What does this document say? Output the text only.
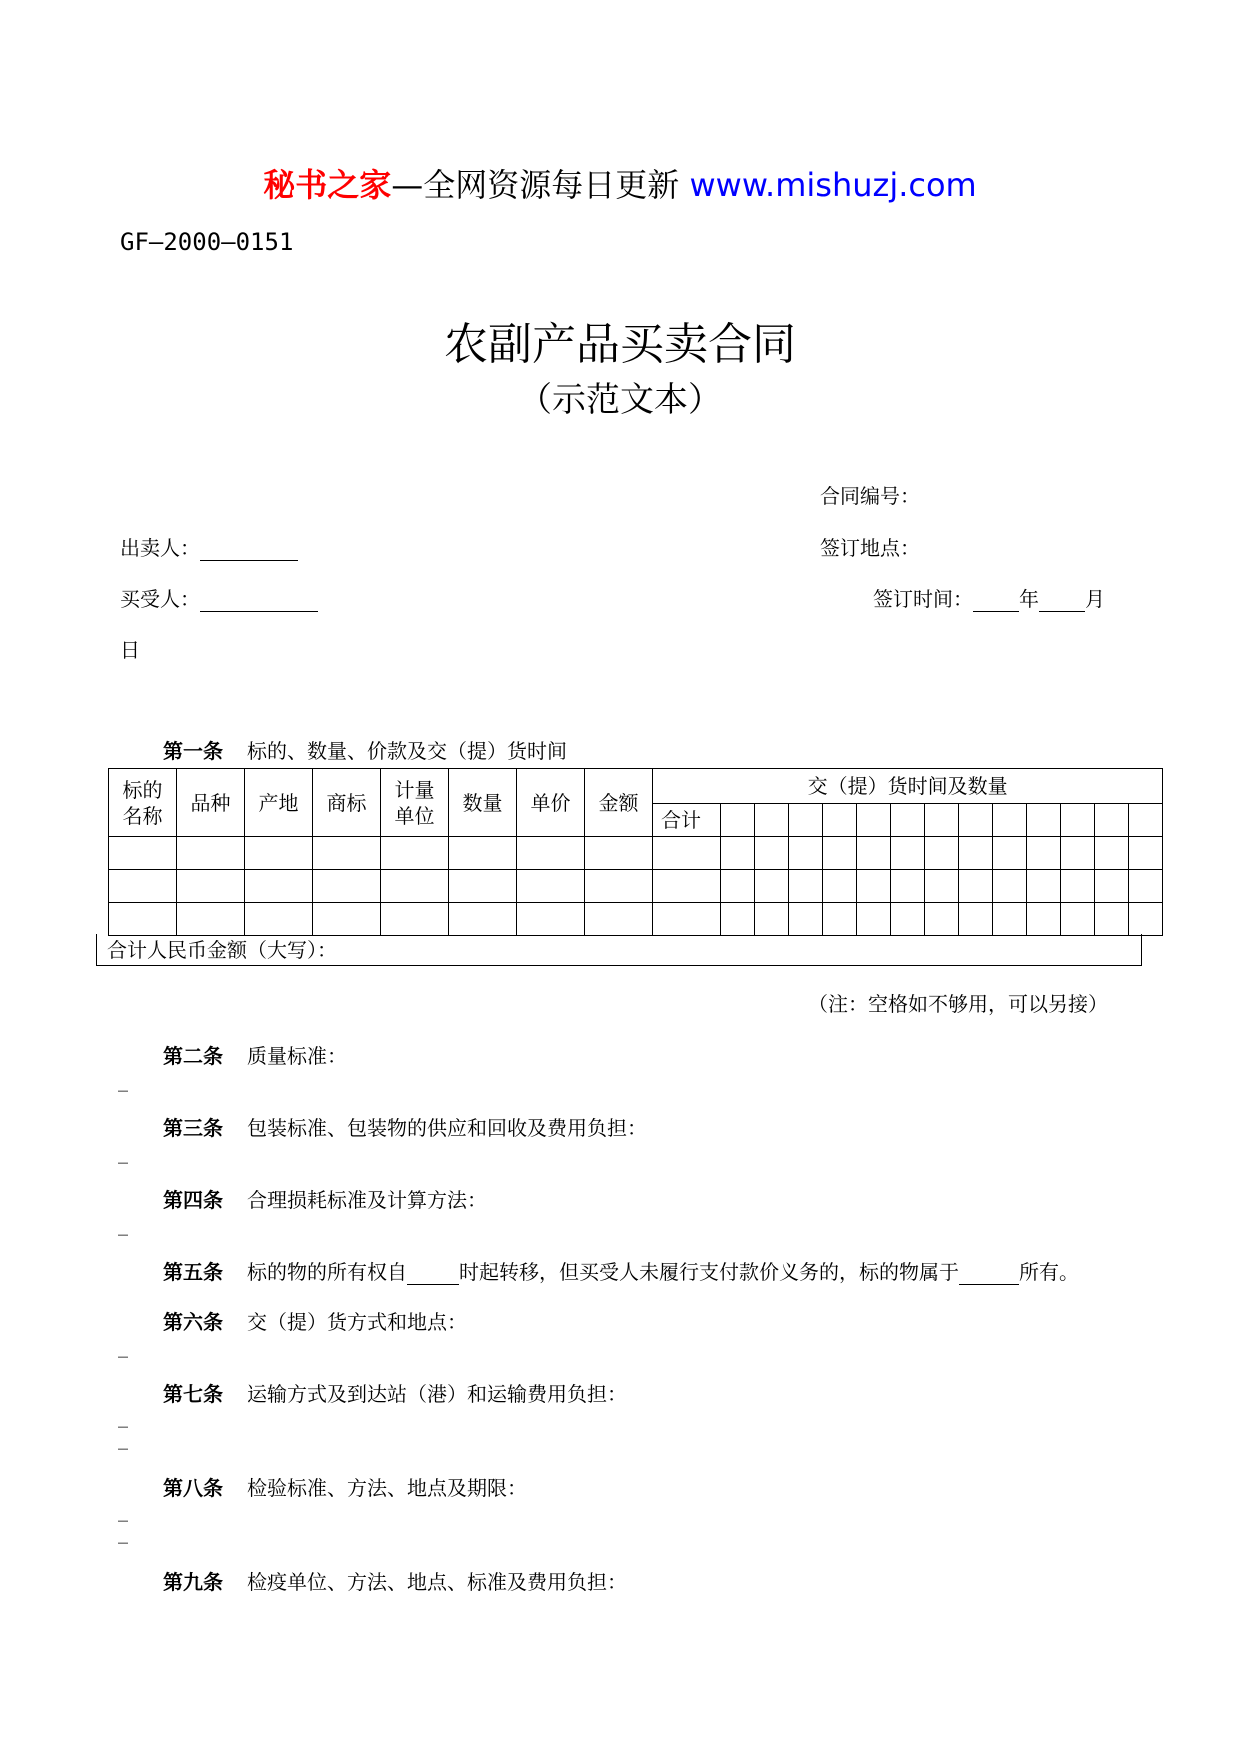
秘书之家—全网资源每日更新 www.mishuzj.com
GF—2000—0151
农副产品买卖合同
（示范文本）
合同编号：
签订地点：
出卖人：
买受人：	签订时间： 年 月
日
第一条 标的、数量、价款及交（提）货时间
标的名称	品种	产地	商标	计量单位	数量	单价	金额	交（提）货时间及数量													
								合计													

合计人民币金额（大写）：
（注：空格如不够用，可以另接）
第二条 质量标准：
_
第三条 包装标准、包装物的供应和回收及费用负担：
_
第四条 合理损耗标准及计算方法：
_
第五条 标的物的所有权自	时起转移，但买受人未履行支付款价义务的，标的物属于	所有。
第六条 交（提）货方式和地点：
_
第七条 运输方式及到达站（港）和运输费用负担：
_
_
第八条 检验标准、方法、地点及期限：
_
_
第九条 检疫单位、方法、地点、标准及费用负担：
